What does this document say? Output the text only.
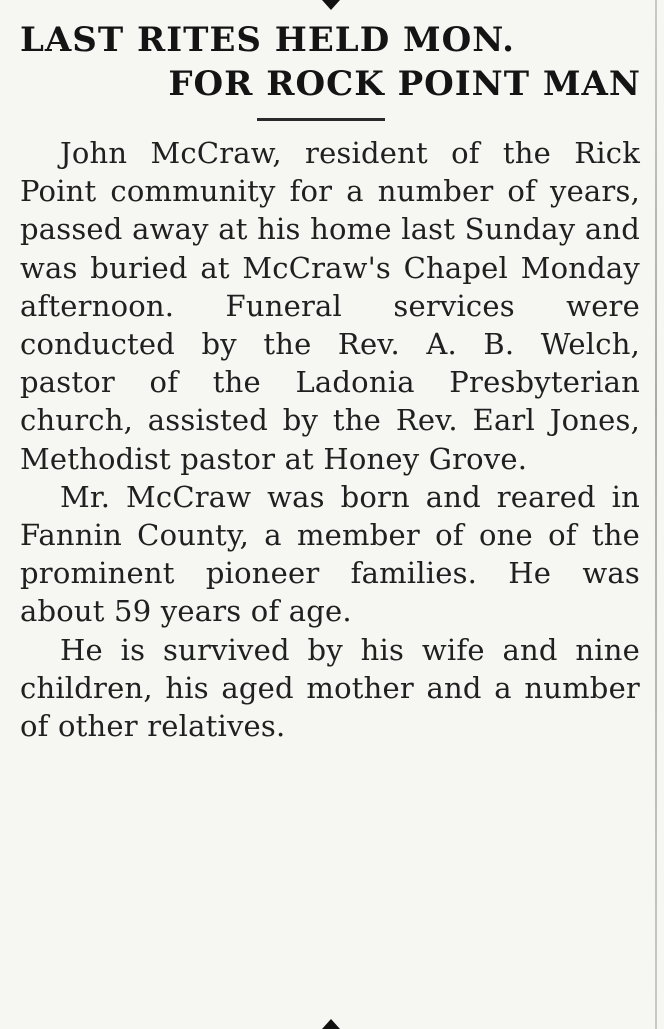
LAST RITES HELD MON.
FOR ROCK POINT MAN

John McCraw, resident of the Rick Point community for a number of years, passed away at his home last Sunday and was buried at McCraw's Chapel Monday afternoon. Funeral services were conducted by the Rev. A. B. Welch, pastor of the Ladonia Presbyterian church, assisted by the Rev. Earl Jones, Methodist pastor at Honey Grove.

Mr. McCraw was born and reared in Fannin County, a member of one of the prominent pioneer families. He was about 59 years of age.

He is survived by his wife and nine children, his aged mother and a number of other relatives.
